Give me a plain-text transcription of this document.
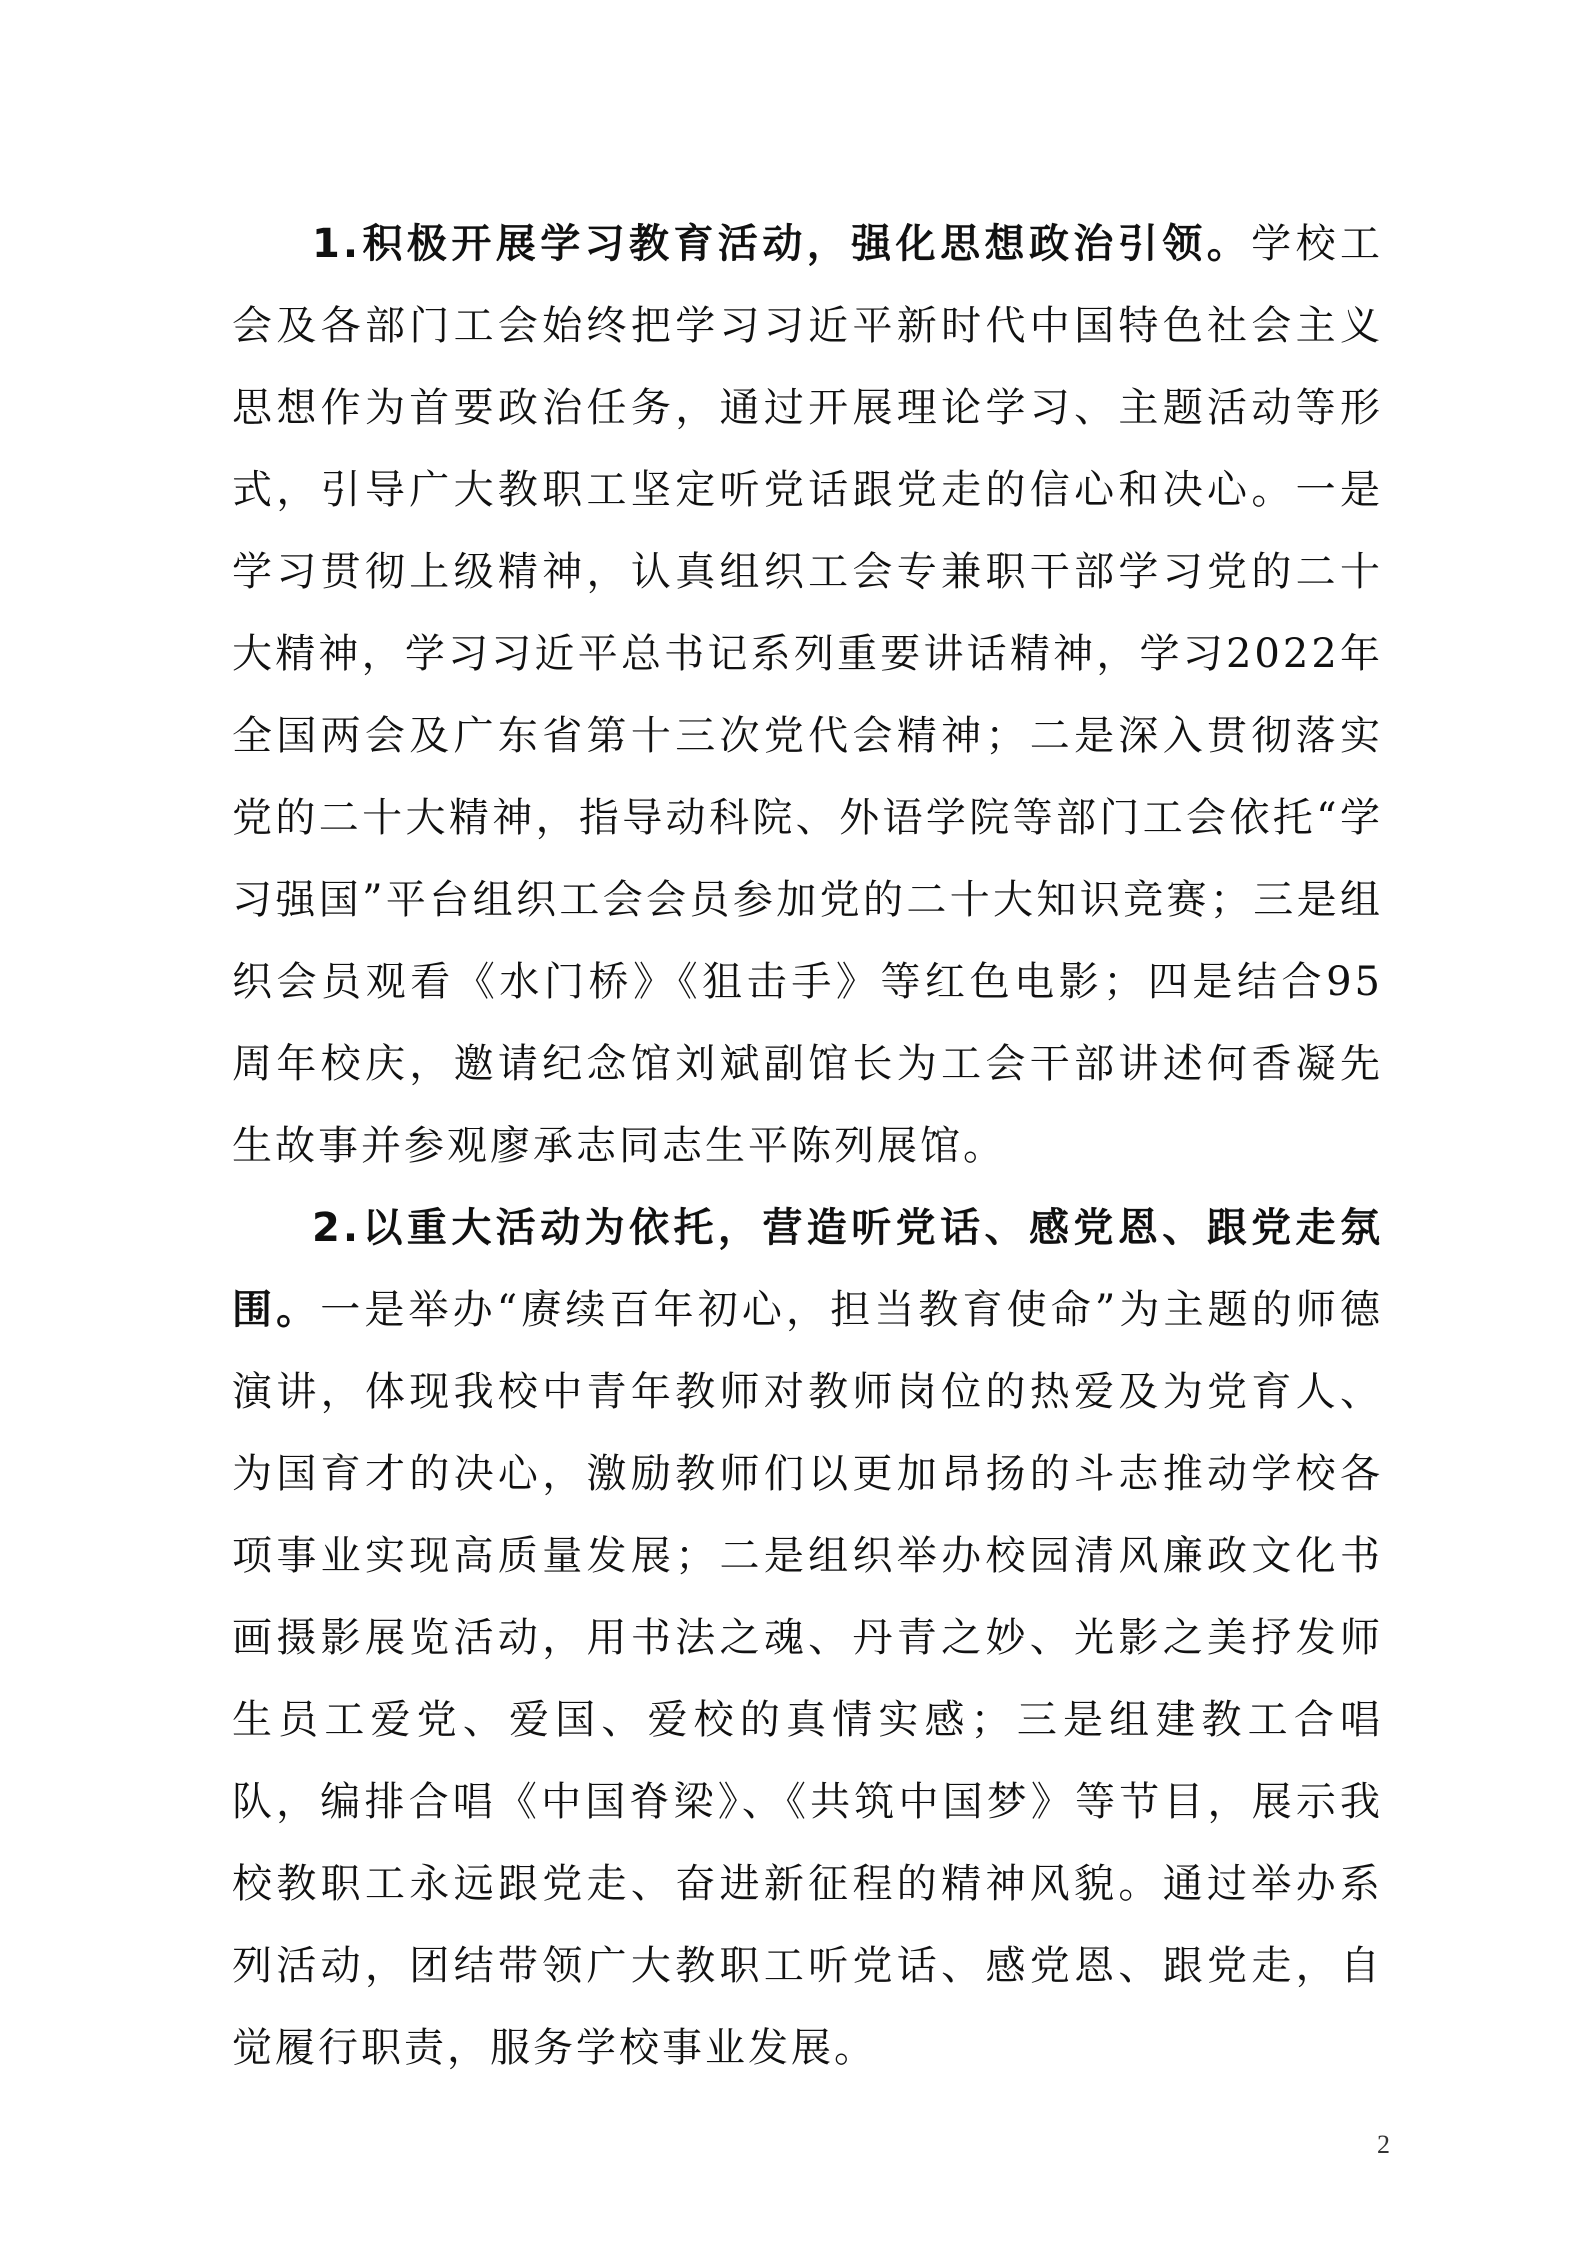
1.积极开展学习教育活动，强化思想政治引领。学校工会及各部门工会始终把学习习近平新时代中国特色社会主义思想作为首要政治任务，通过开展理论学习、主题活动等形式，引导广大教职工坚定听党话跟党走的信心和决心。一是学习贯彻上级精神，认真组织工会专兼职干部学习党的二十大精神，学习习近平总书记系列重要讲话精神，学习2022年全国两会及广东省第十三次党代会精神；二是深入贯彻落实党的二十大精神，指导动科院、外语学院等部门工会依托“学习强国”平台组织工会会员参加党的二十大知识竞赛；三是组织会员观看《水门桥》《狙击手》等红色电影；四是结合95周年校庆，邀请纪念馆刘斌副馆长为工会干部讲述何香凝先生故事并参观廖承志同志生平陈列展馆。

2.以重大活动为依托，营造听党话、感党恩、跟党走氛围。一是举办“赓续百年初心，担当教育使命”为主题的师德演讲，体现我校中青年教师对教师岗位的热爱及为党育人、为国育才的决心，激励教师们以更加昂扬的斗志推动学校各项事业实现高质量发展；二是组织举办校园清风廉政文化书画摄影展览活动，用书法之魂、丹青之妙、光影之美抒发师生员工爱党、爱国、爱校的真情实感；三是组建教工合唱队，编排合唱《中国脊梁》、《共筑中国梦》等节目，展示我校教职工永远跟党走、奋进新征程的精神风貌。通过举办系列活动，团结带领广大教职工听党话、感党恩、跟党走，自觉履行职责，服务学校事业发展。

2
